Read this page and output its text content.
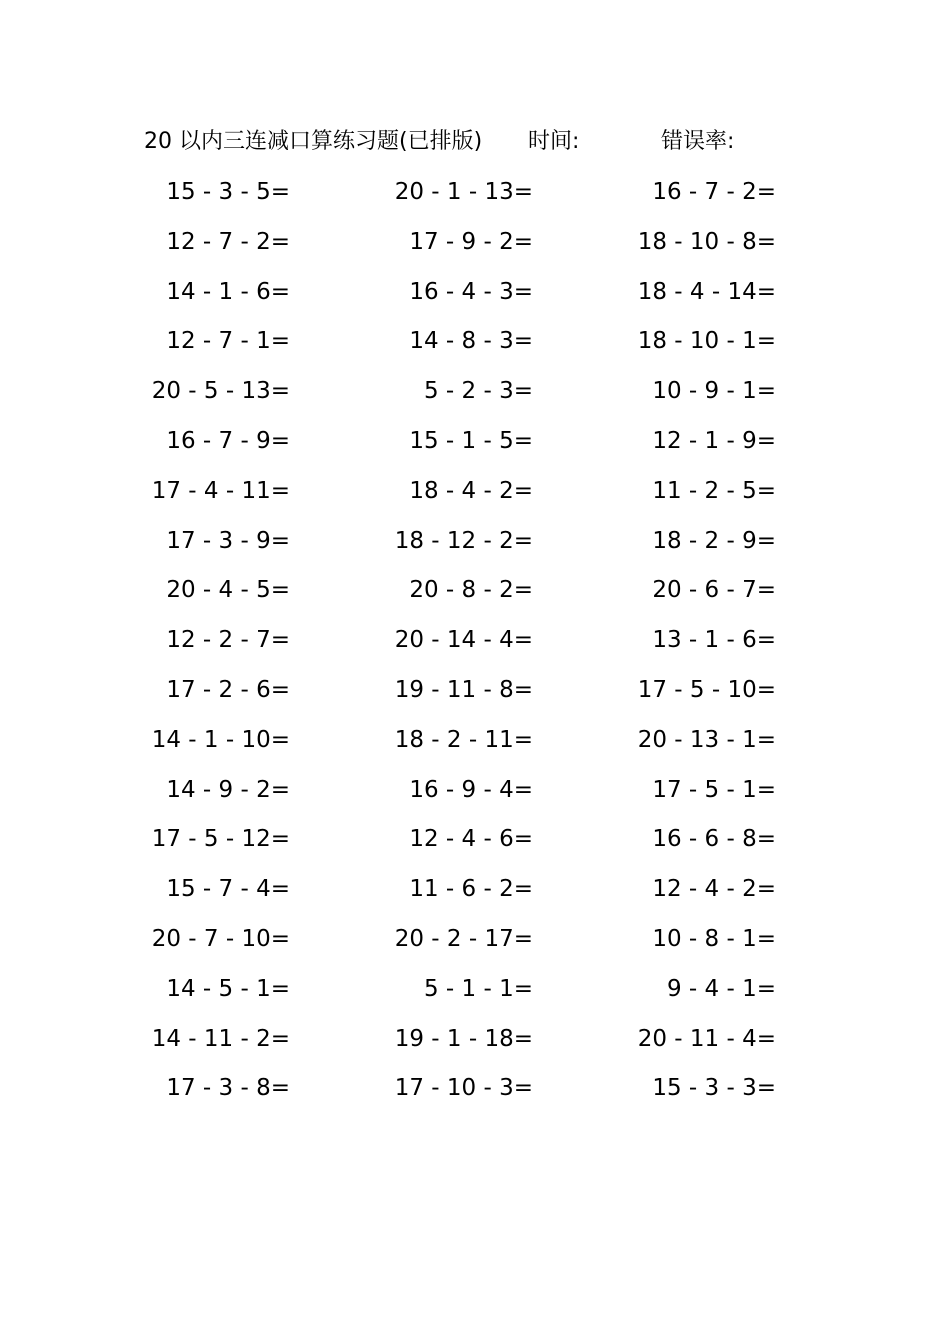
20 以内三连减口算练习题(已排版) 时间:	错误率:
15 - 3 - 5=	20 - 1 - 13=	16 - 7 - 2=
12 - 7 - 2=	17 - 9 - 2=	18 - 10 - 8=
14 - 1 - 6=	16 - 4 - 3=	18 - 4 - 14=
12 - 7 - 1=	14 - 8 - 3=	18 - 10 - 1=
20 - 5 - 13=	5 - 2 - 3=	10 - 9 - 1=
16 - 7 - 9=	15 - 1 - 5=	12 - 1 - 9=
17 - 4 - 11=	18 - 4 - 2=	11 - 2 - 5=
17 - 3 - 9=	18 - 12 - 2=	18 - 2 - 9=
20 - 4 - 5=	20 - 8 - 2=	20 - 6 - 7=
12 - 2 - 7=	20 - 14 - 4=	13 - 1 - 6=
17 - 2 - 6=	19 - 11 - 8=	17 - 5 - 10=
14 - 1 - 10=	18 - 2 - 11=	20 - 13 - 1=
14 - 9 - 2=	16 - 9 - 4=	17 - 5 - 1=
17 - 5 - 12=	12 - 4 - 6=	16 - 6 - 8=
15 - 7 - 4=	11 - 6 - 2=	12 - 4 - 2=
20 - 7 - 10=	20 - 2 - 17=	10 - 8 - 1=
14 - 5 - 1=	5 - 1 - 1=	9 - 4 - 1=
14 - 11 - 2=	19 - 1 - 18=	20 - 11 - 4=
17 - 3 - 8=	17 - 10 - 3=	15 - 3 - 3=
